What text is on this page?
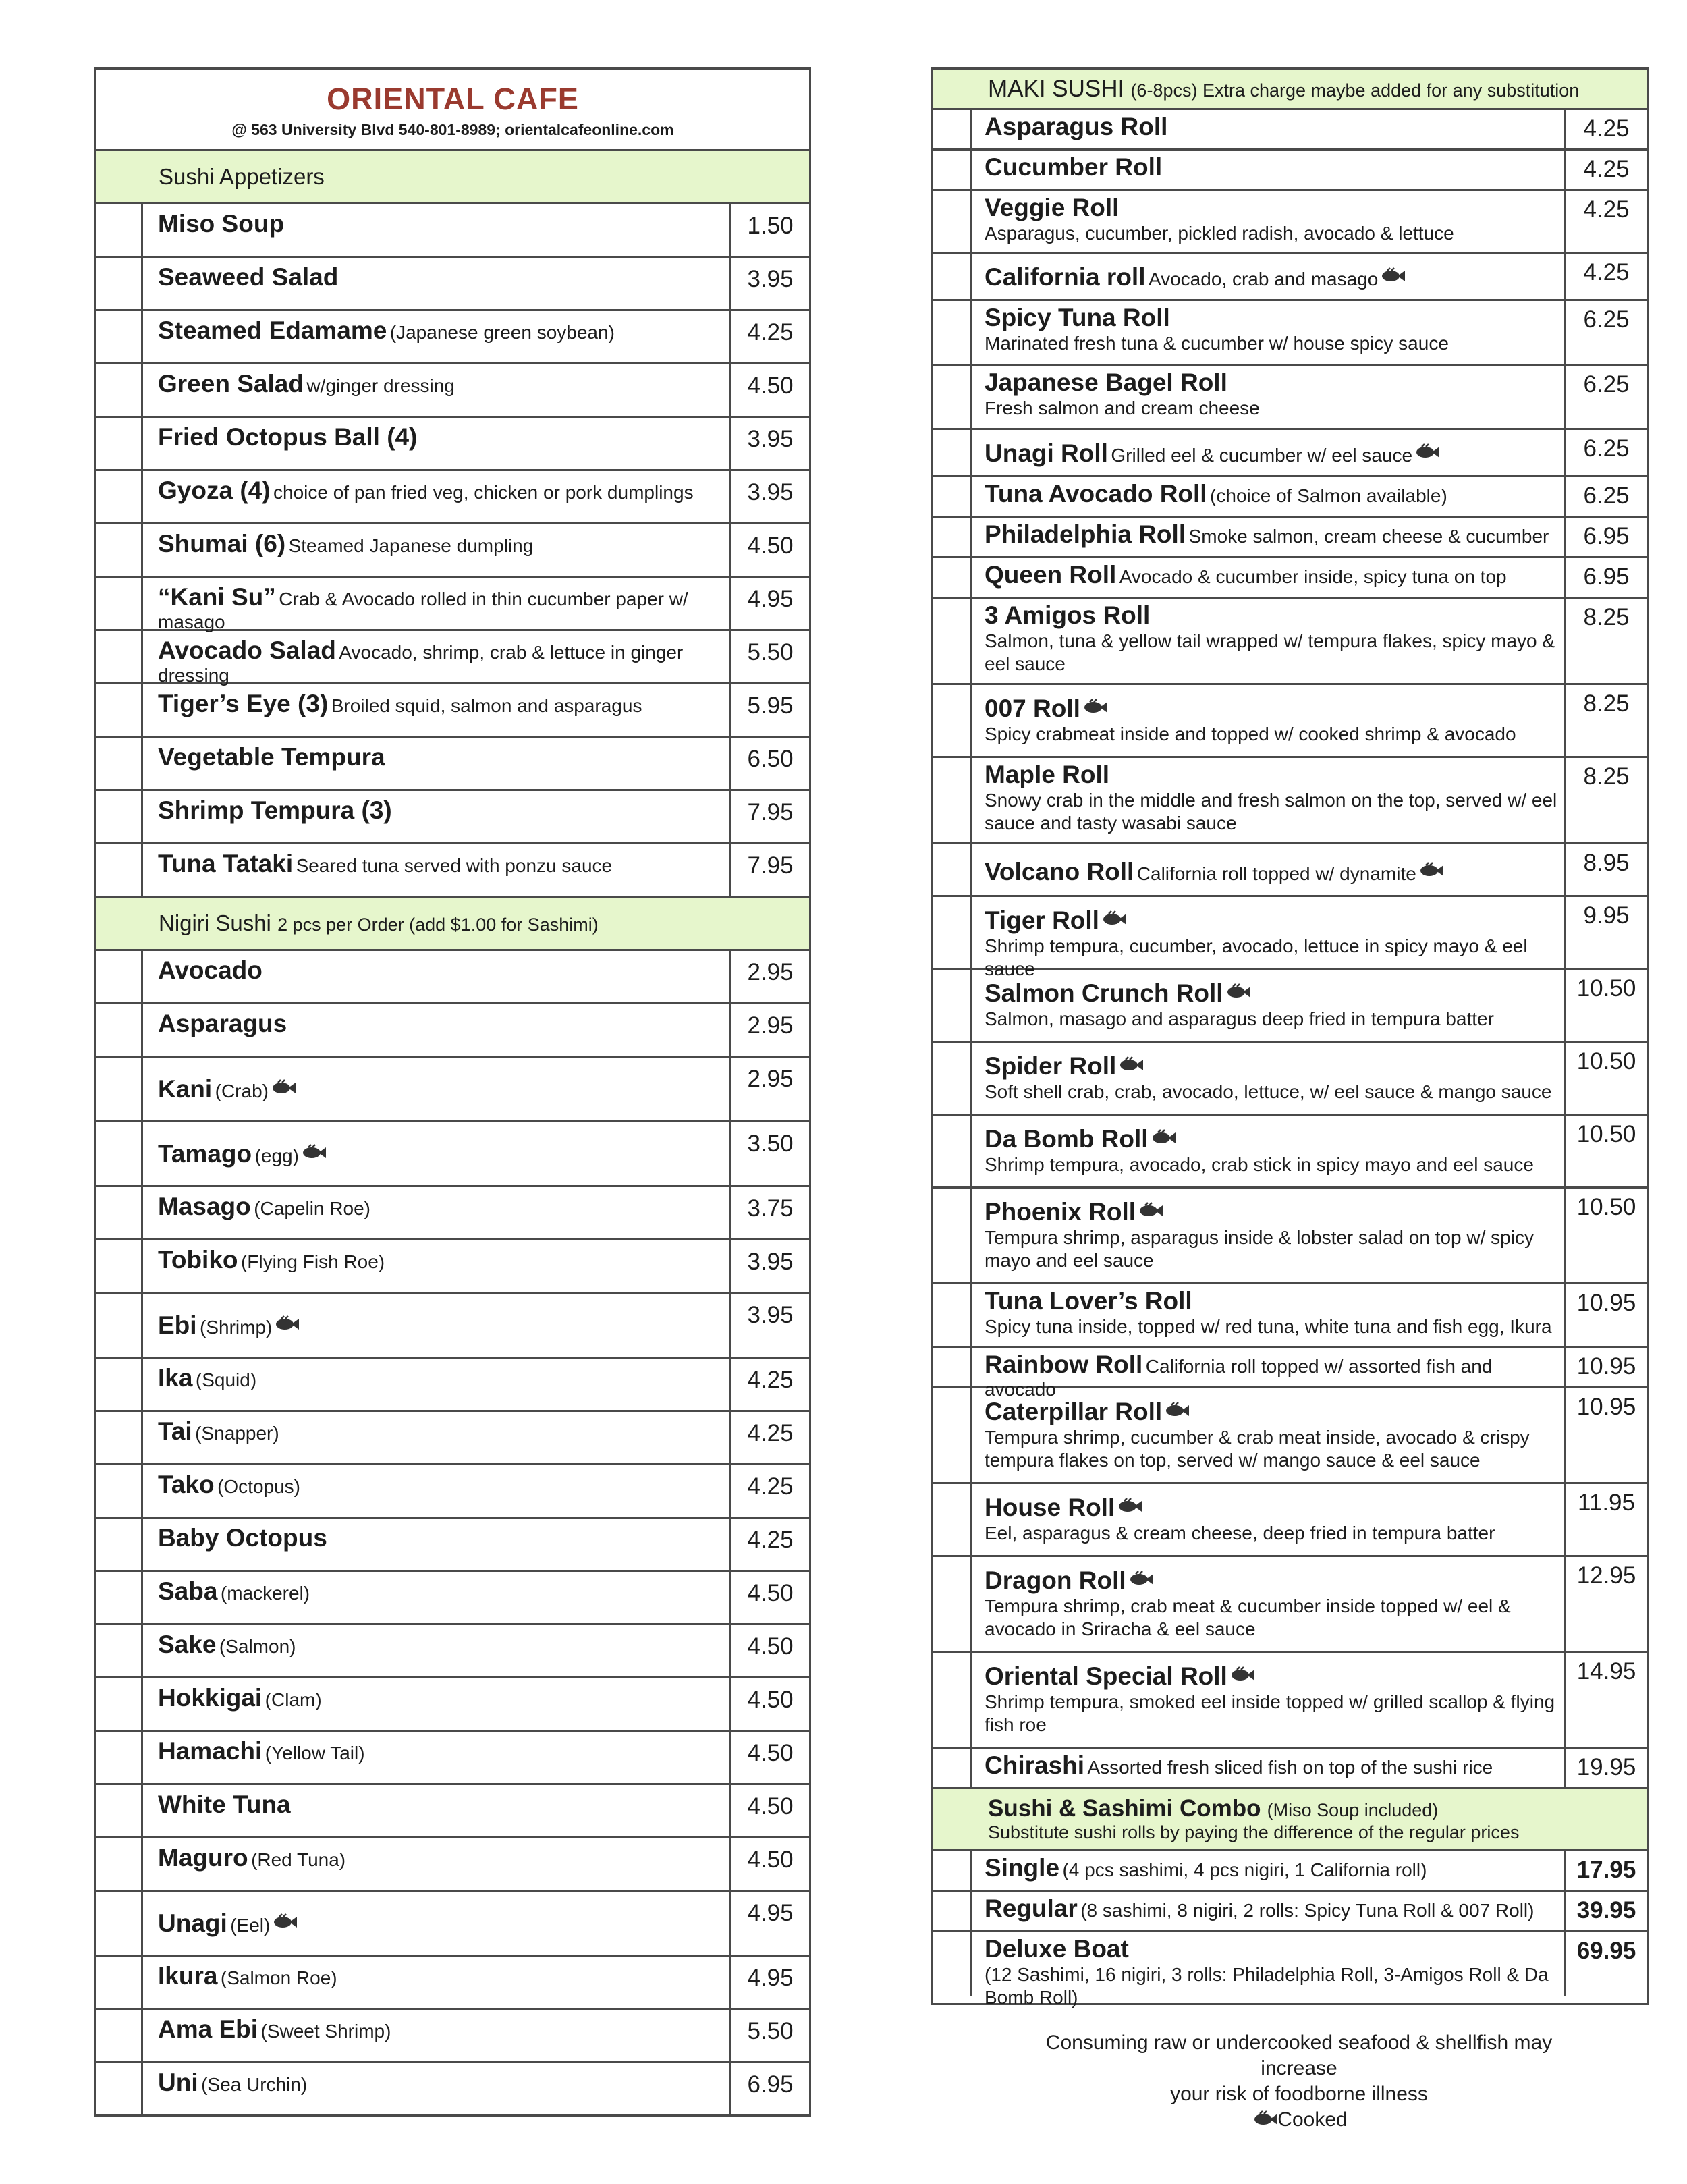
ORIENTAL CAFE
@ 563 University Blvd 540-801-8989; orientalcafeonline.com
Sushi Appetizers
Miso Soup	1.50
Seaweed Salad	3.95
Steamed Edamame (Japanese green soybean)	4.25
Green Salad w/ginger dressing	4.50
Fried Octopus Ball (4)	3.95
Gyoza (4) choice of pan fried veg, chicken or pork dumplings	3.95
Shumai (6) Steamed Japanese dumpling	4.50
“Kani Su” Crab & Avocado rolled in thin cucumber paper w/ masago
4.95
Avocado Salad Avocado, shrimp, crab & lettuce in ginger dressing
5.50
Tiger’s Eye (3) Broiled squid, salmon and asparagus	5.95
Vegetable Tempura	6.50
Shrimp Tempura (3)	7.95
Tuna Tataki Seared tuna served with ponzu sauce	7.95
Nigiri Sushi 2 pcs per Order (add $1.00 for Sashimi)
Avocado	2.95
Asparagus	2.95
Kani (Crab)	2.95
Tamago (egg)	3.50
Masago (Capelin Roe)	3.75
Tobiko (Flying Fish Roe)	3.95
Ebi (Shrimp)	3.95
Ika (Squid)	4.25
Tai (Snapper)	4.25
Tako (Octopus)	4.25
Baby Octopus	4.25
Saba (mackerel)	4.50
Sake (Salmon)	4.50
Hokkigai (Clam)	4.50
Hamachi (Yellow Tail)	4.50
White Tuna	4.50
Maguro (Red Tuna)	4.50
Unagi (Eel)	4.95
Ikura (Salmon Roe)	4.95
Ama Ebi (Sweet Shrimp)	5.50
Uni (Sea Urchin)	6.95
MAKI SUSHI (6-8pcs) Extra charge maybe added for any substitution
Asparagus Roll	4.25
Cucumber Roll	4.25
Veggie Roll
Asparagus, cucumber, pickled radish, avocado & lettuce
4.25
California roll Avocado, crab and masago	4.25
Spicy Tuna Roll
Marinated fresh tuna & cucumber w/ house spicy sauce
6.25
Japanese Bagel Roll
Fresh salmon and cream cheese
6.25
Unagi Roll Grilled eel & cucumber w/ eel sauce	6.25
Tuna Avocado Roll (choice of Salmon available)	6.25
Philadelphia Roll Smoke salmon, cream cheese & cucumber	6.95
Queen Roll Avocado & cucumber inside, spicy tuna on top	6.95
3 Amigos Roll
Salmon, tuna & yellow tail wrapped w/ tempura flakes, spicy mayo & eel sauce
8.25
007 Roll
Spicy crabmeat inside and topped w/ cooked shrimp & avocado
8.25
Maple Roll
Snowy crab in the middle and fresh salmon on the top, served w/ eel sauce and tasty wasabi sauce
8.25
Volcano Roll California roll topped w/ dynamite	8.95
Tiger Roll
Shrimp tempura, cucumber, avocado, lettuce in spicy mayo & eel sauce
9.95
Salmon Crunch Roll
Salmon, masago and asparagus deep fried in tempura batter
10.50
Spider Roll
Soft shell crab, crab, avocado, lettuce, w/ eel sauce & mango sauce
10.50
Da Bomb Roll
Shrimp tempura, avocado, crab stick in spicy mayo and eel sauce
10.50
Phoenix Roll
Tempura shrimp, asparagus inside & lobster salad on top w/ spicy mayo and eel sauce
10.50
Tuna Lover’s Roll
Spicy tuna inside, topped w/ red tuna, white tuna and fish egg, Ikura
10.95
Rainbow Roll California roll topped w/ assorted fish and avocado
10.95
Caterpillar Roll
Tempura shrimp, cucumber & crab meat inside, avocado & crispy tempura flakes on top, served w/ mango sauce & eel sauce
10.95
House Roll
Eel, asparagus & cream cheese, deep fried in tempura batter
11.95
Dragon Roll
Tempura shrimp, crab meat & cucumber inside topped w/ eel & avocado in Sriracha & eel sauce
12.95
Oriental Special Roll
Shrimp tempura, smoked eel inside topped w/ grilled scallop & flying fish roe
14.95
Chirashi Assorted fresh sliced fish on top of the sushi rice	19.95
Sushi & Sashimi Combo (Miso Soup included)
Substitute sushi rolls by paying the difference of the regular prices
Single (4 pcs sashimi, 4 pcs nigiri, 1 California roll)	17.95
Regular (8 sashimi, 8 nigiri, 2 rolls: Spicy Tuna Roll & 007 Roll)	39.95
Deluxe Boat
(12 Sashimi, 16 nigiri, 3 rolls: Philadelphia Roll, 3-Amigos Roll & Da Bomb Roll)
69.95
Consuming raw or undercooked seafood & shellfish may increase
your risk of foodborne illness
Cooked
